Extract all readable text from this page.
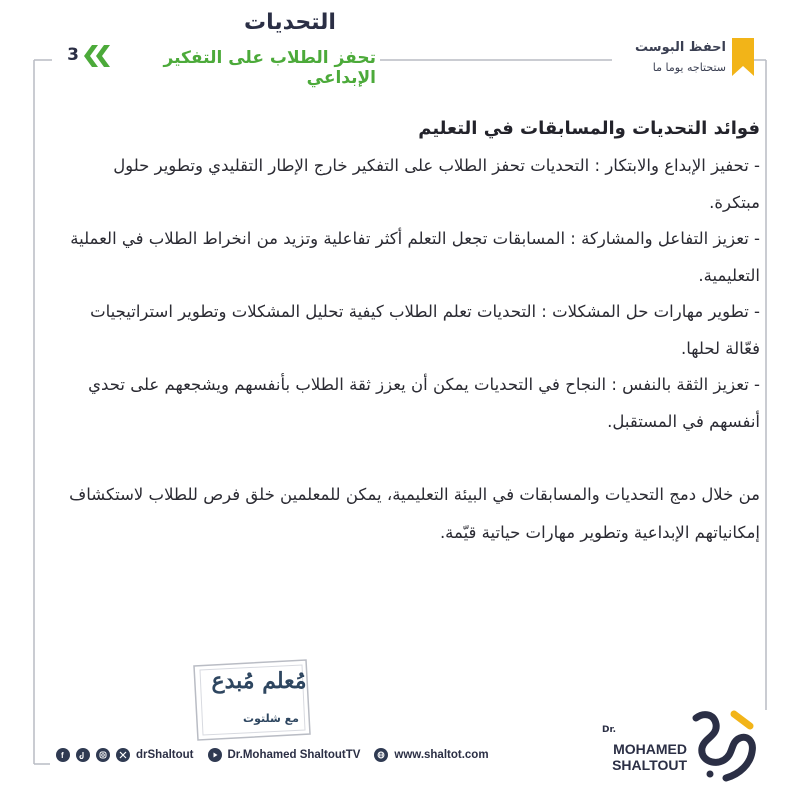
احفظ البوست
ستحتاجه يوما ما
التحديات
تحفز الطلاب على التفكير الإبداعي
3

فوائد التحديات والمسابقات في التعليم

- تحفيز الإبداع والابتكار : التحديات تحفز الطلاب على التفكير خارج الإطار التقليدي وتطوير حلول مبتكرة.

- تعزيز التفاعل والمشاركة : المسابقات تجعل التعلم أكثر تفاعلية وتزيد من انخراط الطلاب في العملية التعليمية.

- تطوير مهارات حل المشكلات : التحديات تعلم الطلاب كيفية تحليل المشكلات وتطوير استراتيجيات فعّالة لحلها.

- تعزيز الثقة بالنفس : النجاح في التحديات يمكن أن يعزز ثقة الطلاب بأنفسهم ويشجعهم على تحدي أنفسهم في المستقبل.

من خلال دمج التحديات والمسابقات في البيئة التعليمية، يمكن للمعلمين خلق فرص للطلاب لاستكشاف إمكانياتهم الإبداعية وتطوير مهارات حياتية قيّمة.

مُعلم مُبدع
مع شلتوت
f	drShaltout	Dr.Mohamed ShaltoutTV	www.shaltot.com
Dr.
MOHAMED
SHALTOUT
